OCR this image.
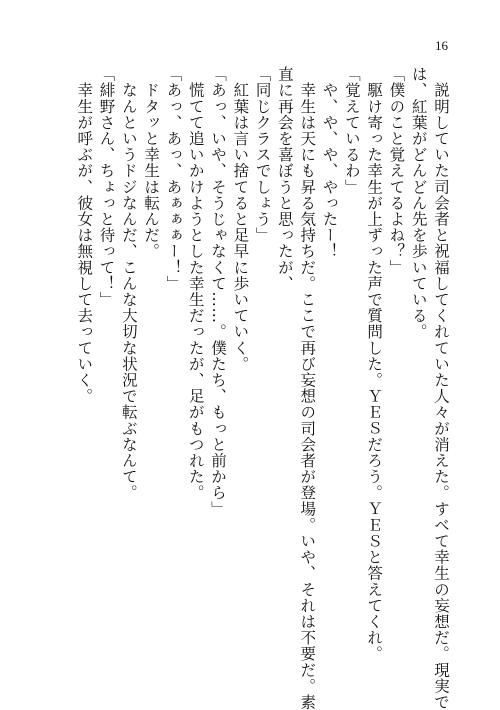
16
　説明していた司会者と祝福してくれていた人々が消えた。すべて幸生の妄想だ。現実で
は、紅葉がどんどん先を歩いている。
「僕のこと覚えてるよね？」
　駆け寄った幸生が上ずった声で質問した。ＹＥＳだろう。ＹＥＳと答えてくれ。
「覚えているわ」
　や、や、や、やったー！
　幸生は天にも昇る気持ちだ。ここで再び妄想の司会者が登場。いや、それは不要だ。素
直に再会を喜ぼうと思ったが、
「同じクラスでしょう」
　紅葉は言い捨てると足早に歩いていく。
「あっ、いや、そうじゃなくて……。僕たち、もっと前から」
　慌てて追いかけようとした幸生だったが、足がもつれた。
「あっ、あっ、あぁぁぁー！」
　ドタッと幸生は転んだ。
　なんというドジなんだ、こんな大切な状況で転ぶなんて。
「緋野さん、ちょっと待って！」
　幸生が呼ぶが、彼女は無視して去っていく。
